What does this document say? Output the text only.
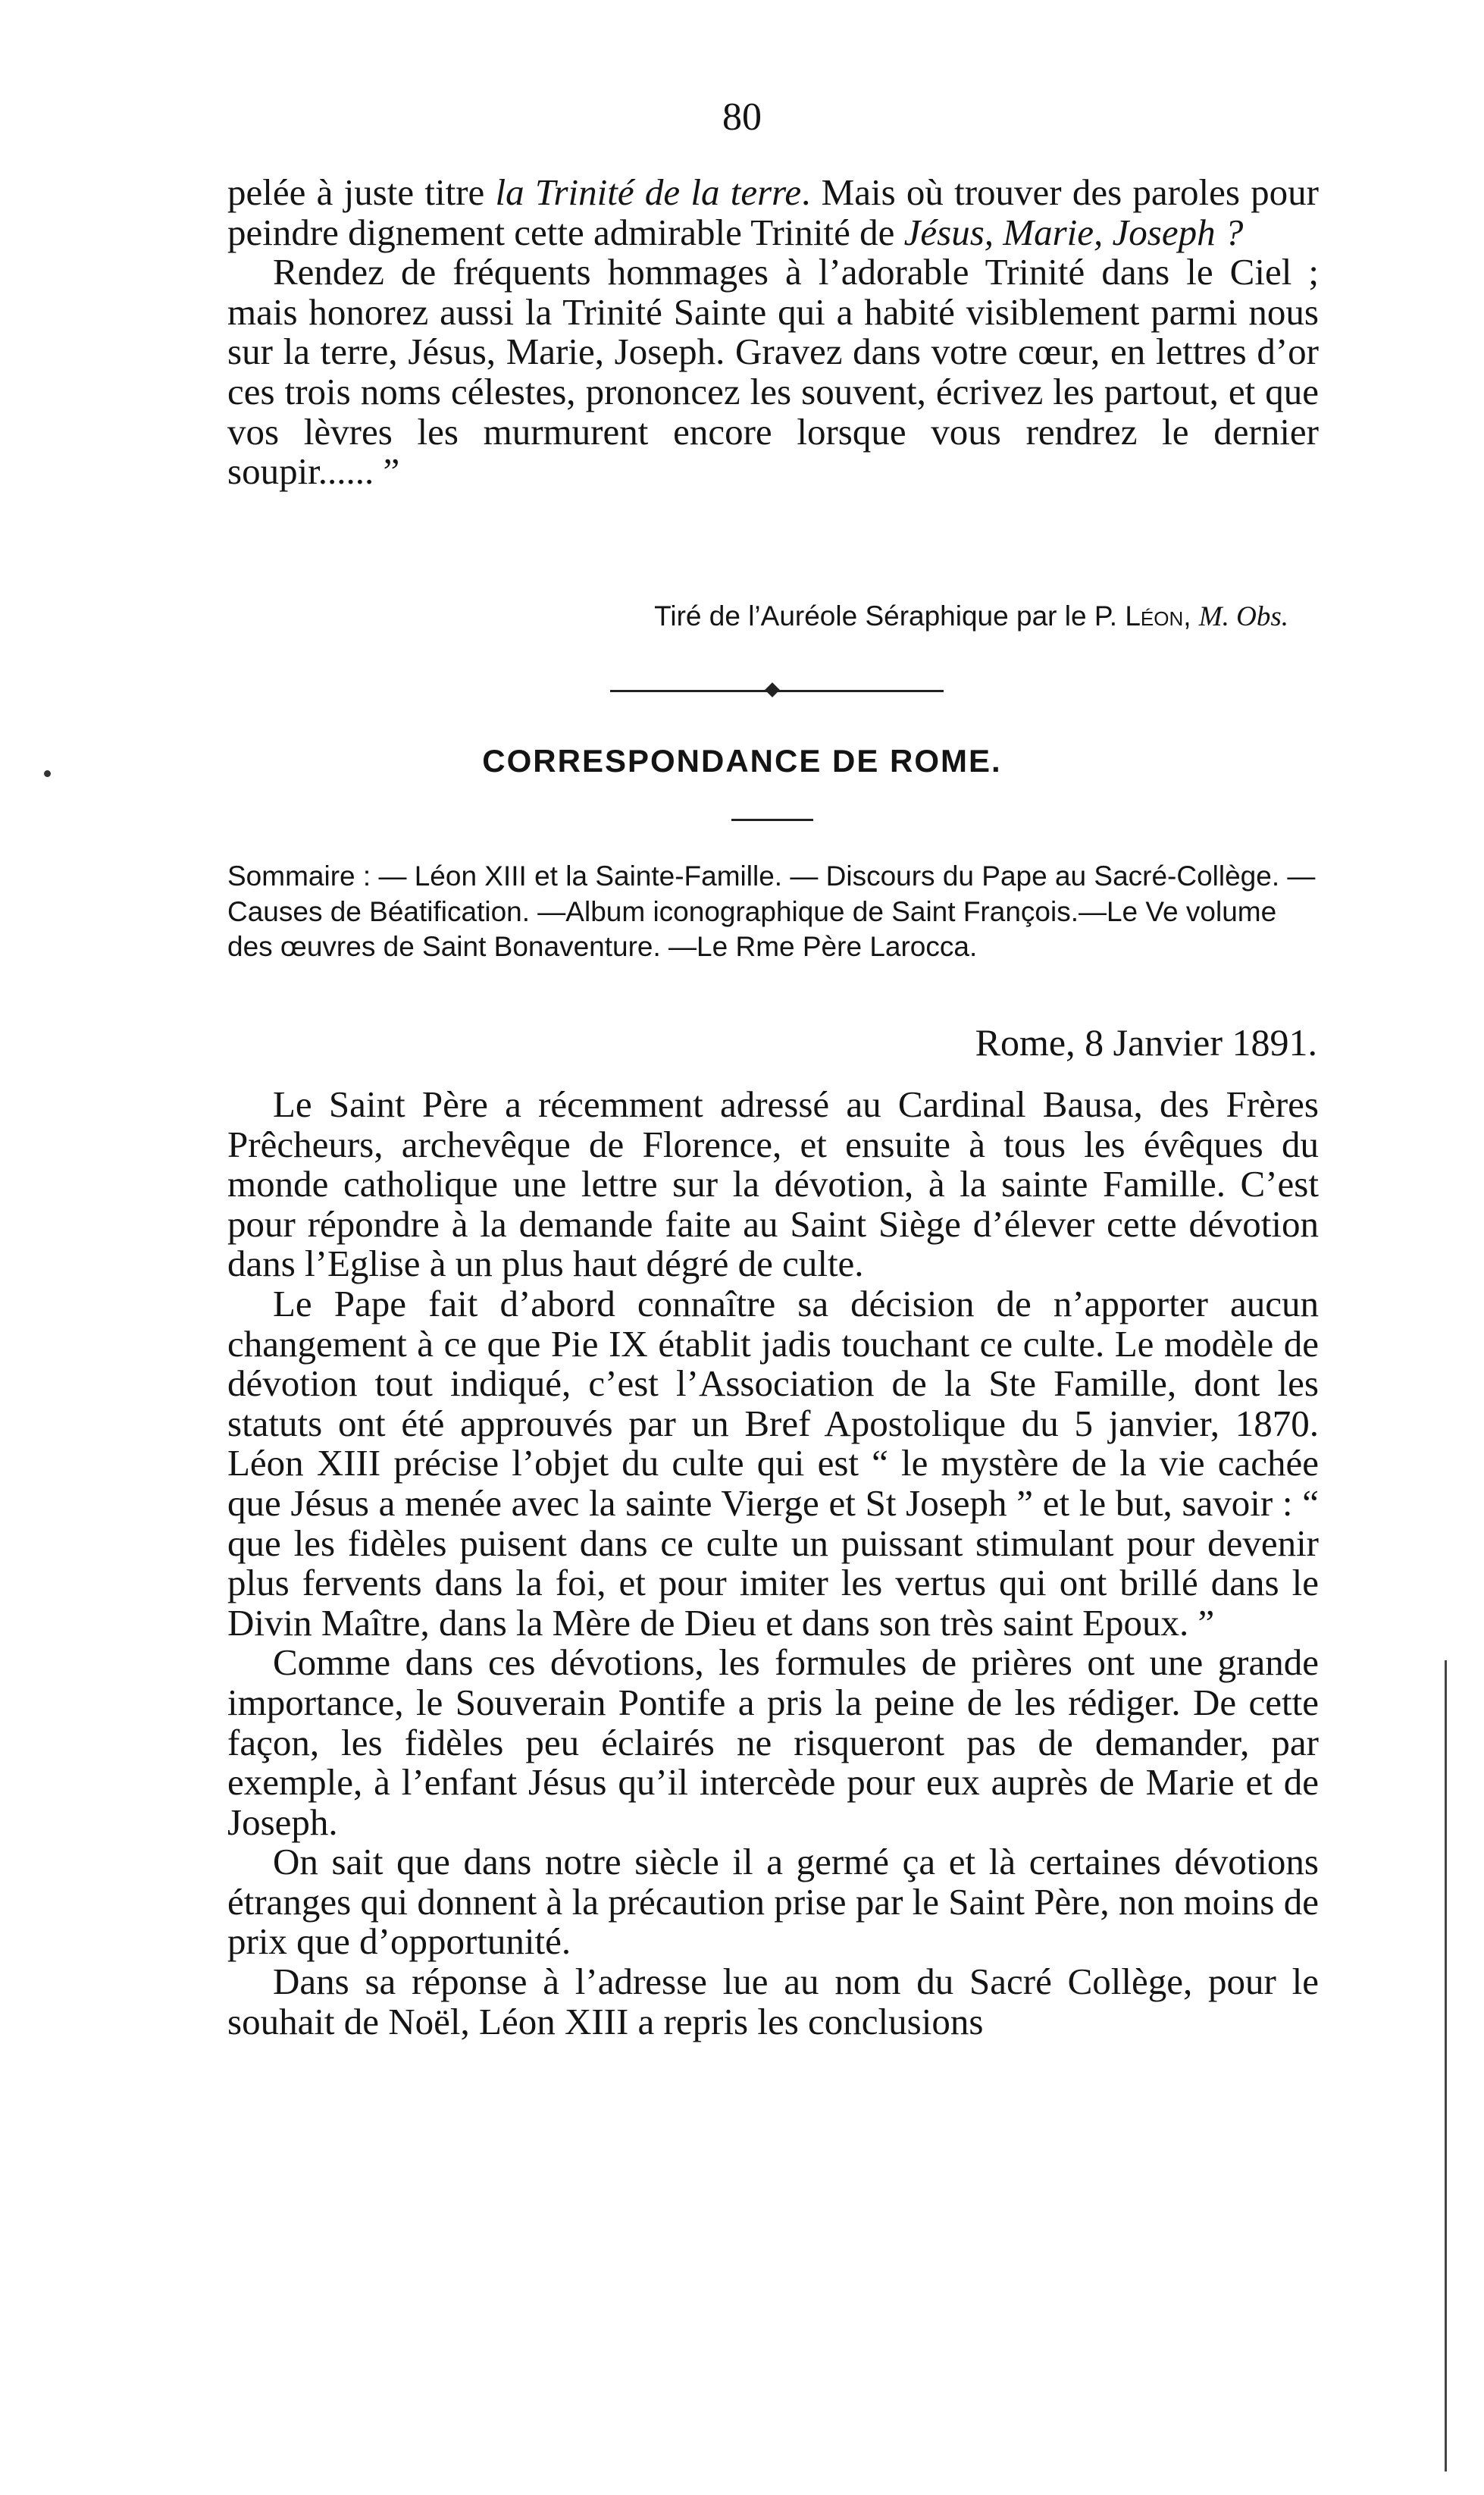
80

pelée à juste titre la Trinité de la terre. Mais où trouver des paroles pour peindre dignement cette admirable Trinité de Jésus, Marie, Joseph ?

Rendez de fréquents hommages à l’adorable Trinité dans le Ciel ; mais honorez aussi la Trinité Sainte qui a habité visiblement parmi nous sur la terre, Jésus, Marie, Joseph. Gravez dans votre cœur, en lettres d’or ces trois noms célestes, prononcez les souvent, écrivez les partout, et que vos lèvres les murmurent encore lorsque vous rendrez le dernier soupir...... ”

Tiré de l’Auréole Séraphique par le P. Léon, M. Obs.
CORRESPONDANCE DE ROME.
Sommaire : — Léon XIII et la Sainte-Famille. — Discours du Pape au Sacré-Collège. —Causes de Béatification. —Album iconographique de Saint François.—Le Ve volume des œuvres de Saint Bonaventure. —Le Rme Père Larocca.
Rome, 8 Janvier 1891.

Le Saint Père a récemment adressé au Cardinal Bausa, des Frères Prêcheurs, archevêque de Florence, et ensuite à tous les évêques du monde catholique une lettre sur la dévotion, à la sainte Famille. C’est pour répondre à la demande faite au Saint Siège d’élever cette dévotion dans l’Eglise à un plus haut dégré de culte.

Le Pape fait d’abord connaître sa décision de n’apporter aucun changement à ce que Pie IX établit jadis touchant ce culte. Le modèle de dévotion tout indiqué, c’est l’Association de la Ste Famille, dont les statuts ont été approuvés par un Bref Apostolique du 5 janvier, 1870. Léon XIII précise l’objet du culte qui est “ le mystère de la vie cachée que Jésus a menée avec la sainte Vierge et St Joseph ” et le but, savoir : “ que les fidèles puisent dans ce culte un puissant stimulant pour devenir plus fervents dans la foi, et pour imiter les vertus qui ont brillé dans le Divin Maître, dans la Mère de Dieu et dans son très saint Epoux. ”

Comme dans ces dévotions, les formules de prières ont une grande importance, le Souverain Pontife a pris la peine de les rédiger. De cette façon, les fidèles peu éclairés ne risqueront pas de demander, par exemple, à l’enfant Jésus qu’il intercède pour eux auprès de Marie et de Joseph.

On sait que dans notre siècle il a germé ça et là certaines dévotions étranges qui donnent à la précaution prise par le Saint Père, non moins de prix que d’opportunité.

Dans sa réponse à l’adresse lue au nom du Sacré Collège, pour le souhait de Noël, Léon XIII a repris les conclusions
